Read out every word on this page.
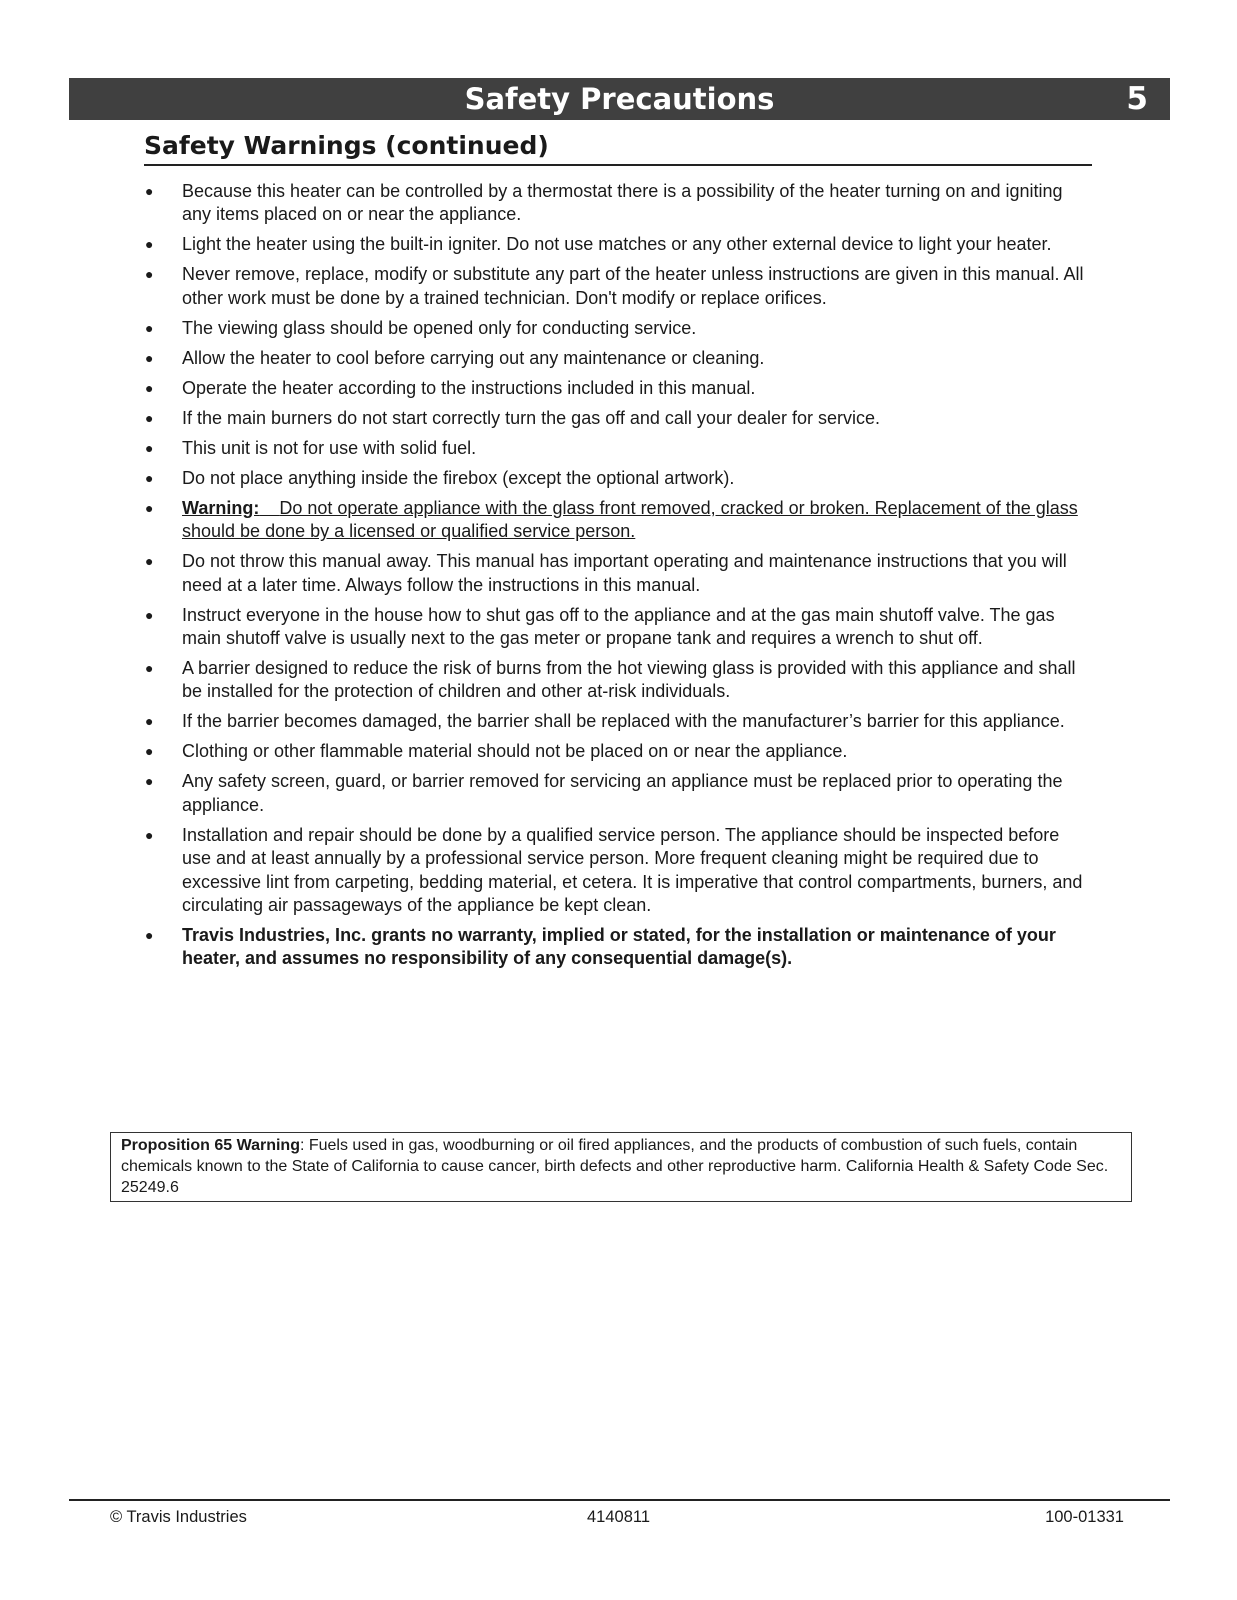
Safety Precautions	5
Safety Warnings (continued)
● Because this heater can be controlled by a thermostat there is a possibility of the heater turning on and igniting any items placed on or near the appliance.
● Light the heater using the built-in igniter. Do not use matches or any other external device to light your heater.
● Never remove, replace, modify or substitute any part of the heater unless instructions are given in this manual. All other work must be done by a trained technician. Don't modify or replace orifices.
● The viewing glass should be opened only for conducting service.
● Allow the heater to cool before carrying out any maintenance or cleaning.
● Operate the heater according to the instructions included in this manual.
● If the main burners do not start correctly turn the gas off and call your dealer for service.
● This unit is not for use with solid fuel.
● Do not place anything inside the firebox (except the optional artwork).
● Warning: Do not operate appliance with the glass front removed, cracked or broken. Replacement of the glass should be done by a licensed or qualified service person.
● Do not throw this manual away. This manual has important operating and maintenance instructions that you will need at a later time. Always follow the instructions in this manual.
● Instruct everyone in the house how to shut gas off to the appliance and at the gas main shutoff valve. The gas main shutoff valve is usually next to the gas meter or propane tank and requires a wrench to shut off.
● A barrier designed to reduce the risk of burns from the hot viewing glass is provided with this appliance and shall be installed for the protection of children and other at-risk individuals.
● If the barrier becomes damaged, the barrier shall be replaced with the manufacturer’s barrier for this appliance.
● Clothing or other flammable material should not be placed on or near the appliance.
● Any safety screen, guard, or barrier removed for servicing an appliance must be replaced prior to operating the appliance.
● Installation and repair should be done by a qualified service person. The appliance should be inspected before use and at least annually by a professional service person. More frequent cleaning might be required due to excessive lint from carpeting, bedding material, et cetera. It is imperative that control compartments, burners, and circulating air passageways of the appliance be kept clean.
● Travis Industries, Inc. grants no warranty, implied or stated, for the installation or maintenance of your heater, and assumes no responsibility of any consequential damage(s).
Proposition 65 Warning: Fuels used in gas, woodburning or oil fired appliances, and the products of combustion of such fuels, contain chemicals known to the State of California to cause cancer, birth defects and other reproductive harm. California Health & Safety Code Sec. 25249.6
© Travis Industries	4140811	100-01331
